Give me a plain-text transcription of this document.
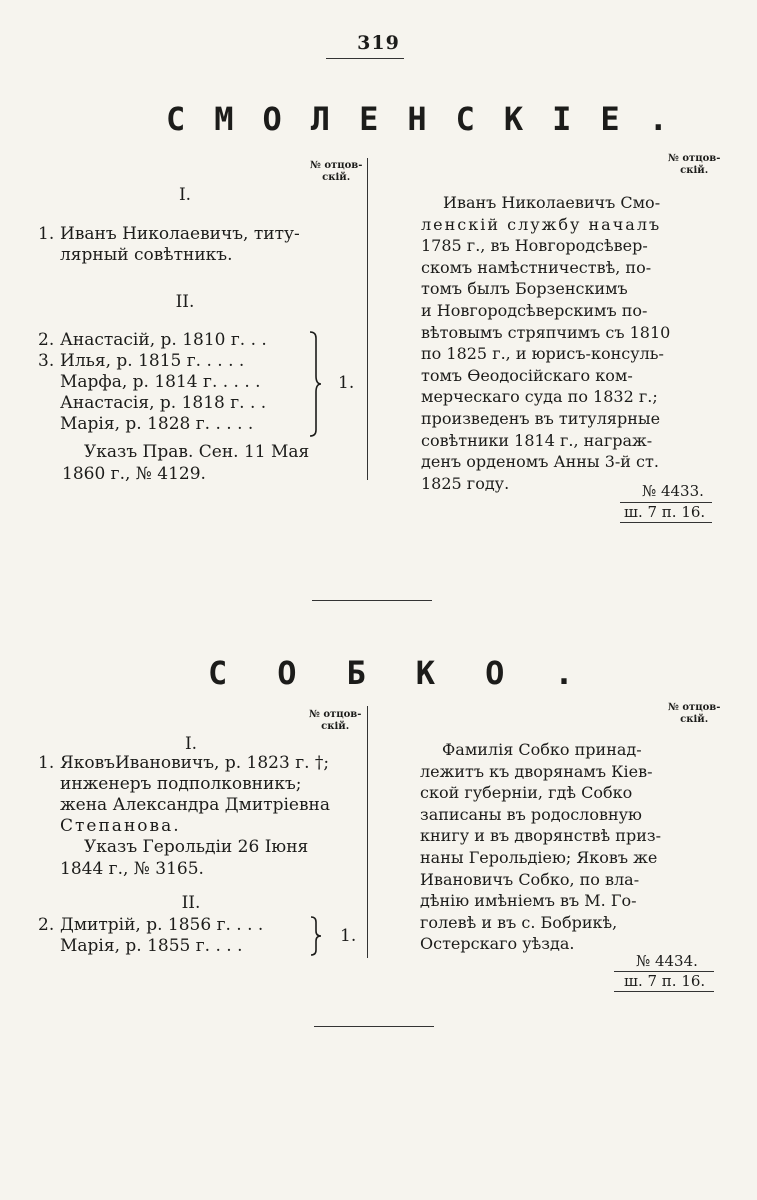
319
СМОЛЕНСКІЕ.
№ отцов-
скій.
I.
1. Иванъ Николаевичъ, титу-
лярный совѣтникъ.
II.
2. Анастасій, р. 1810 г. . .
3. Илья, р. 1815 г. . . . .
Марфа, р. 1814 г. . . . .
Анастасія, р. 1818 г. . .
Марія, р. 1828 г. . . . .
1.
Указъ Прав. Сен. 11 Мая
1860 г., № 4129.
№ отцов-
скій.
Иванъ Николаевичъ Смо-
ленскій службу началъ
1785 г., въ Новгородсѣвер-
скомъ намѣстничествѣ, по-
томъ былъ Борзенскимъ
и Новгородсѣверскимъ по-
вѣтовымъ стряпчимъ съ 1810
по 1825 г., и юрисъ-консуль-
томъ Ѳеодосійскаго ком-
мерческаго суда по 1832 г.;
произведенъ въ титулярные
совѣтники 1814 г., награж-
денъ орденомъ Анны 3-й ст.
1825 году.	№ 4433.
ш. 7 п. 16.
СОБКО.
№ отцов-
скій.
I.
1. ЯковъИвановичъ, р. 1823 г. †;
инженеръ подполковникъ;
жена Александра Дмитріевна
Степанова.
Указъ Герольдіи 26 Іюня
1844 г., № 3165.
II.
2. Дмитрій, р. 1856 г. . . .
Марія, р. 1855 г. . . .	1.
№ отцов-
скій.
Фамилія Собко принад-
лежитъ къ дворянамъ Кіев-
ской губерніи, гдѣ Собко
записаны въ родословную
книгу и въ дворянствѣ приз-
наны Герольдіею; Яковъ же
Ивановичъ Собко, по вла-
дѣнію имѣніемъ въ М. Го-
голевѣ и въ с. Бобрикѣ,
Остерскаго уѣзда.
№ 4434.
ш. 7 п. 16.
